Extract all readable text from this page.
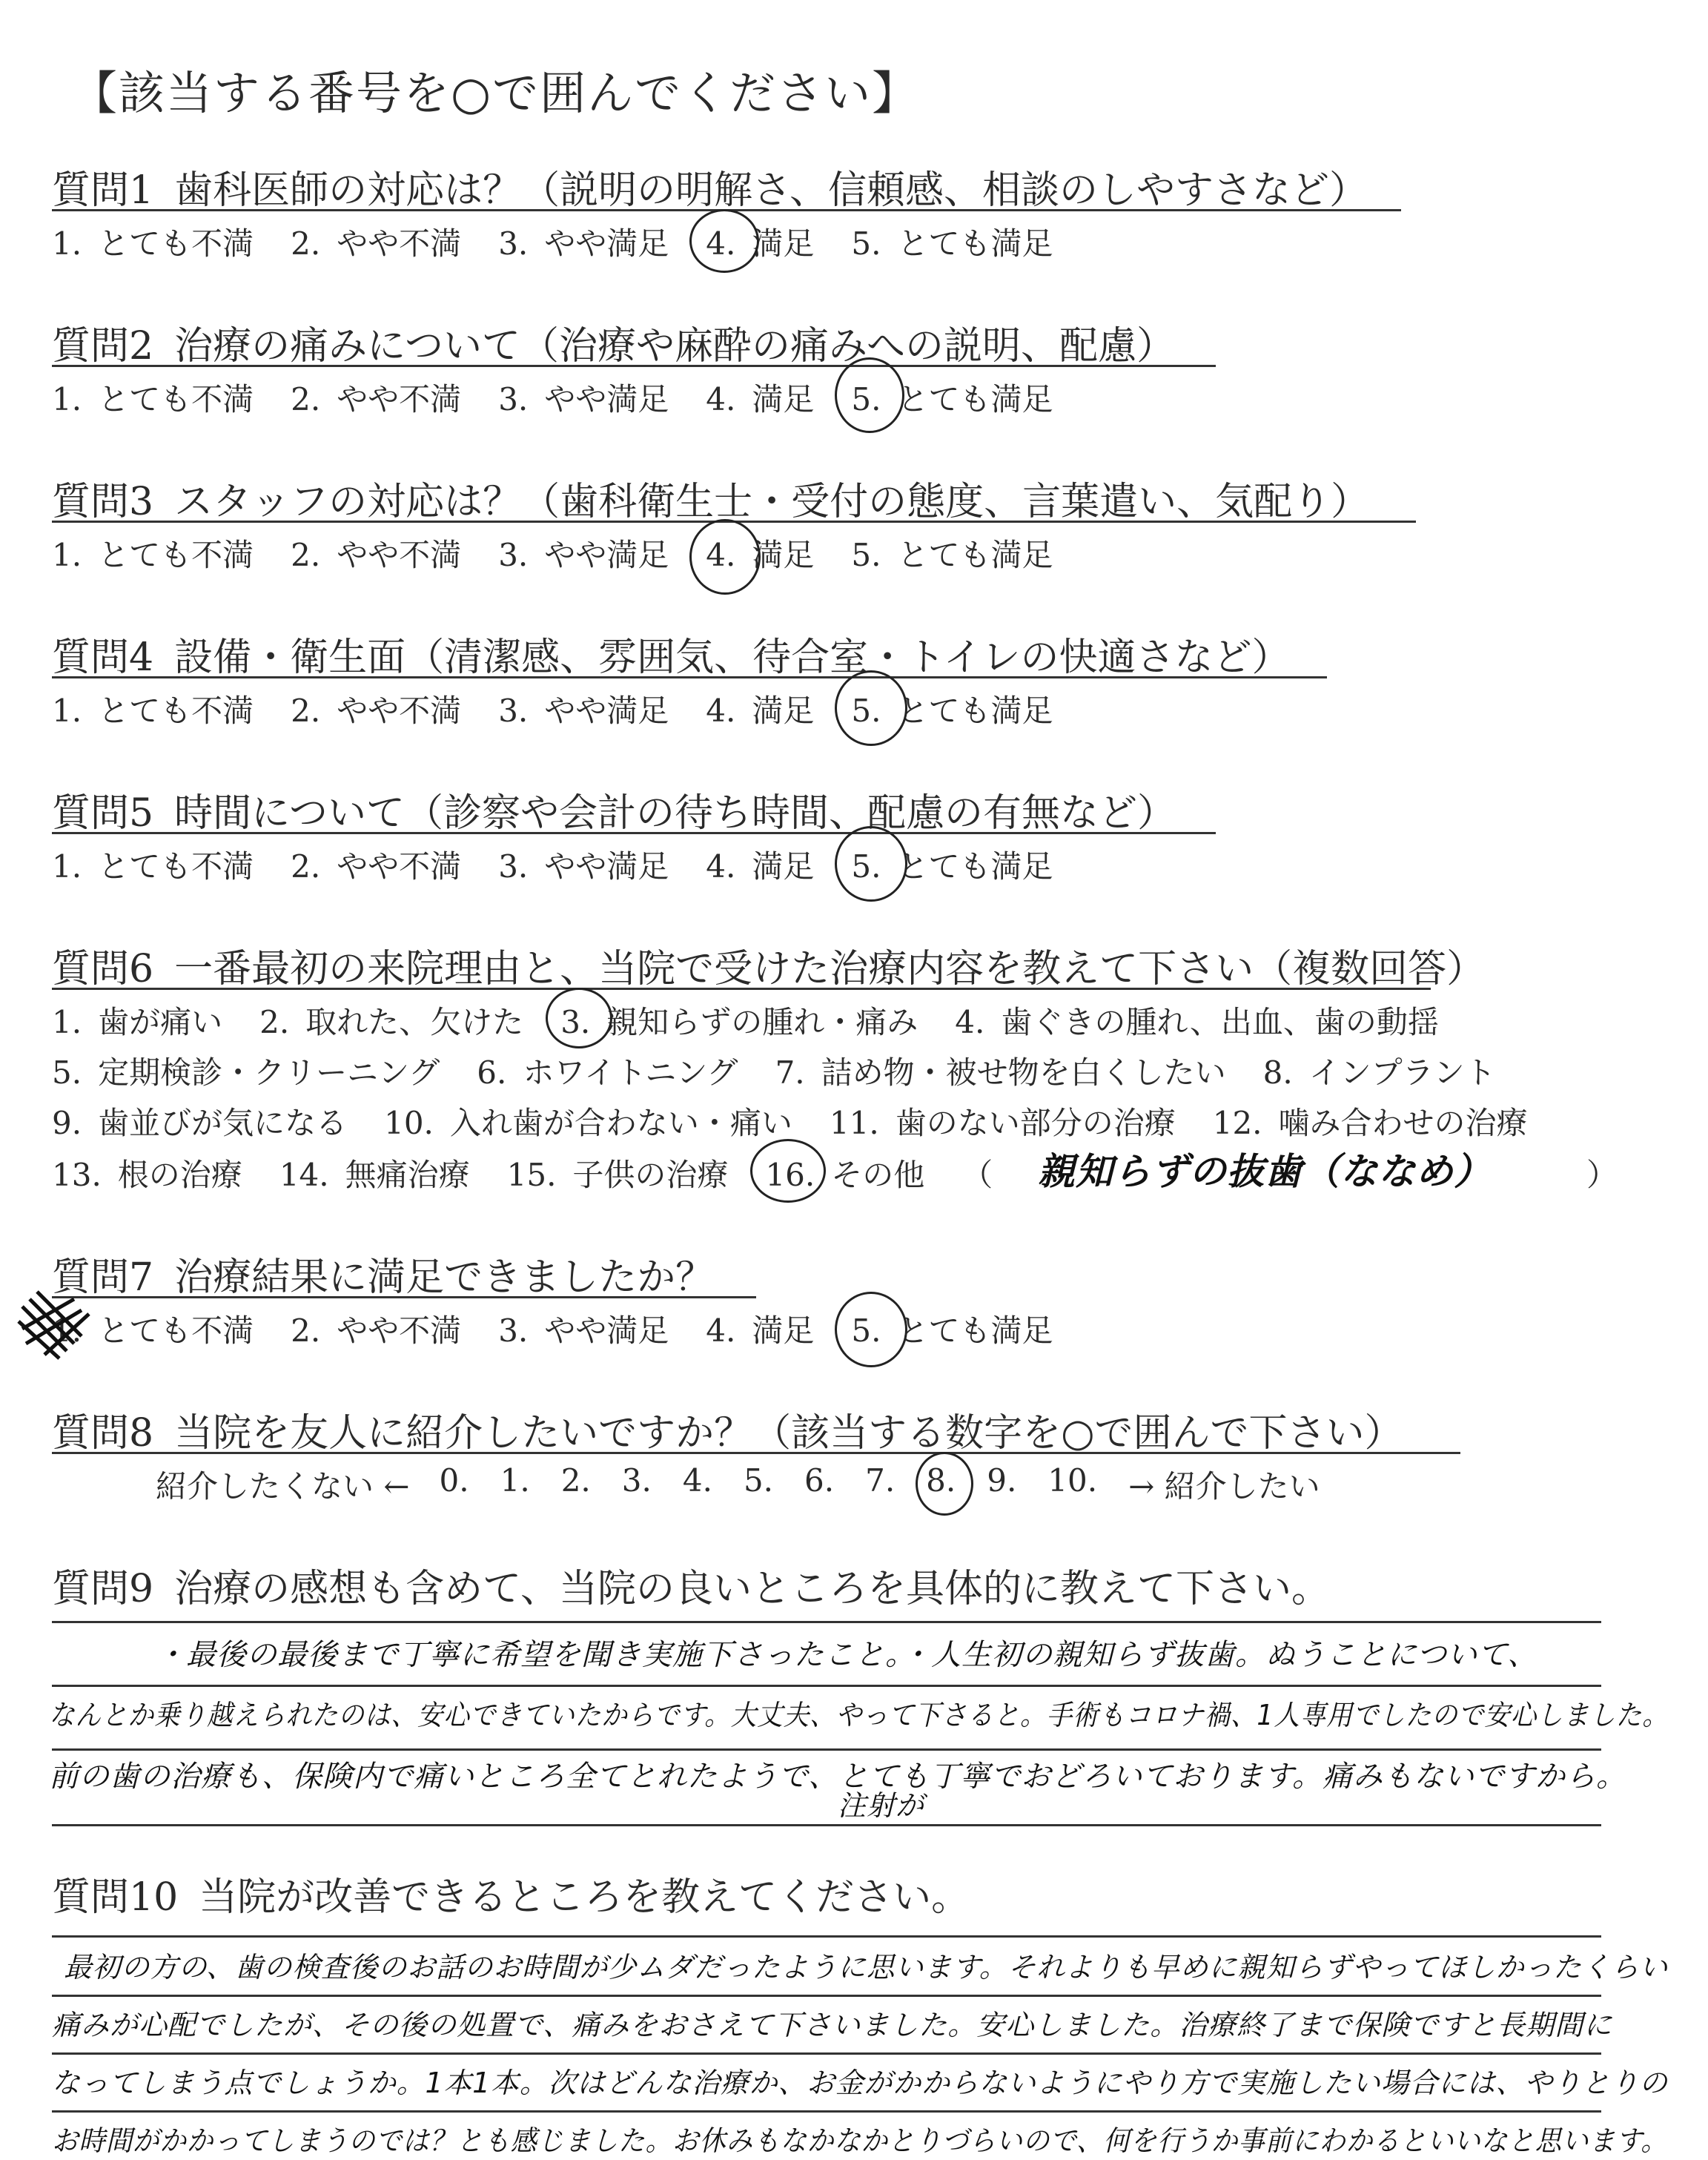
【該当する番号を○で囲んでください】
質問1 歯科医師の対応は？（説明の明解さ、信頼感、相談のしやすさなど）
1. とても不満 2. やや不満 3. やや満足 4. 満足 5. とても満足
質問2 治療の痛みについて（治療や麻酔の痛みへの説明、配慮）
1. とても不満 2. やや不満 3. やや満足 4. 満足 5. とても満足
質問3 スタッフの対応は？（歯科衛生士・受付の態度、言葉遣い、気配り）
1. とても不満 2. やや不満 3. やや満足 4. 満足 5. とても満足
質問4 設備・衛生面（清潔感、雰囲気、待合室・トイレの快適さなど）
1. とても不満 2. やや不満 3. やや満足 4. 満足 5. とても満足
質問5 時間について（診察や会計の待ち時間、配慮の有無など）
1. とても不満 2. やや不満 3. やや満足 4. 満足 5. とても満足
質問6 一番最初の来院理由と、当院で受けた治療内容を教えて下さい（複数回答）
1. 歯が痛い 2. 取れた、欠けた 3. 親知らずの腫れ・痛み 4. 歯ぐきの腫れ、出血、歯の動揺
5. 定期検診・クリーニング 6. ホワイトニング 7. 詰め物・被せ物を白くしたい 8. インプラント
9. 歯並びが気になる 10. 入れ歯が合わない・痛い 11. 歯のない部分の治療 12. 噛み合わせの治療
13. 根の治療 14. 無痛治療 15. 子供の治療 16. その他 （ 親知らずの抜歯（ななめ）	）
質問7 治療結果に満足できましたか？
1. とても不満 2. やや不満 3. やや満足 4. 満足 5. とても満足
質問8 当院を友人に紹介したいですか？（該当する数字を○で囲んで下さい）
紹介したくない ← 0. 1. 2. 3. 4. 5. 6. 7. 8. 9. 10. → 紹介したい
質問9 治療の感想も含めて、当院の良いところを具体的に教えて下さい。
・最後の最後まで丁寧に希望を聞き実施下さったこと。・人生初の親知らず抜歯。ぬうことについて、
なんとか乗り越えられたのは、安心できていたからです。大丈夫、やって下さると。手術もコロナ禍、1人専用でしたので安心しました。
前の歯の治療も、保険内で痛いところ全てとれたようで、とても丁寧でおどろいております。痛みもないですから。
注射が
質問10 当院が改善できるところを教えてください。
最初の方の、歯の検査後のお話のお時間が少ムダだったように思います。それよりも早めに親知らずやってほしかったくらい
痛みが心配でしたが、その後の処置で、痛みをおさえて下さいました。安心しました。治療終了まで保険ですと長期間に
なってしまう点でしょうか。1本1本。次はどんな治療か、お金がかからないようにやり方で実施したい場合には、やりとりの
お時間がかかってしまうのでは？とも感じました。お休みもなかなかとりづらいので、何を行うか事前にわかるといいなと思います。
